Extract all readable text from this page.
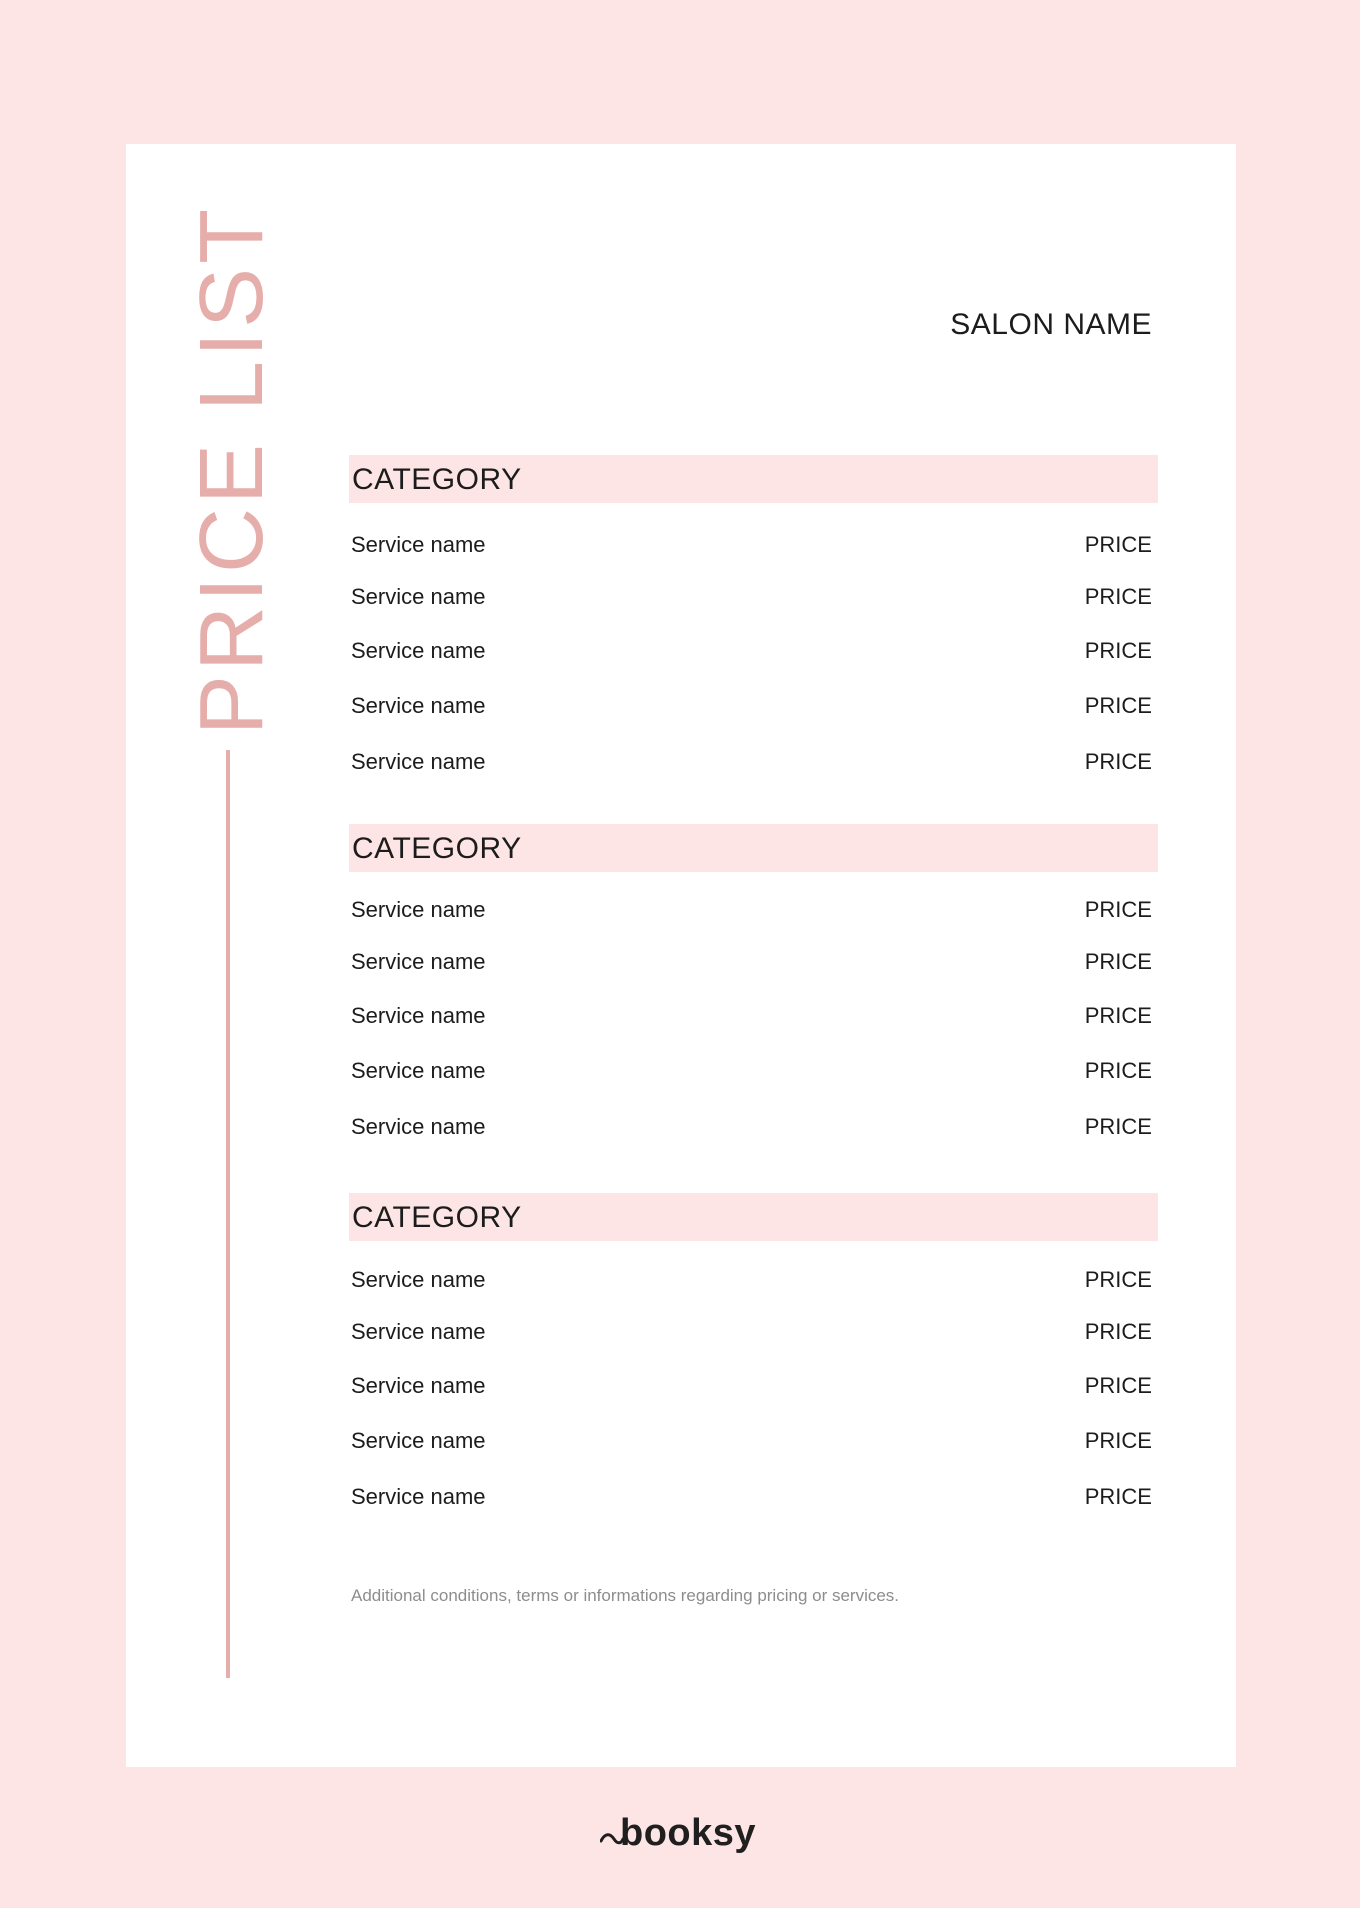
PRICE LIST	SALON NAME
CATEGORY
Service name	PRICE
Service name	PRICE
Service name	PRICE
Service name	PRICE
Service name	PRICE
CATEGORY
Service name	PRICE
Service name	PRICE
Service name	PRICE
Service name	PRICE
Service name	PRICE
CATEGORY
Service name	PRICE
Service name	PRICE
Service name	PRICE
Service name	PRICE
Service name	PRICE
Additional conditions, terms or informations regarding pricing or services.
booksy
